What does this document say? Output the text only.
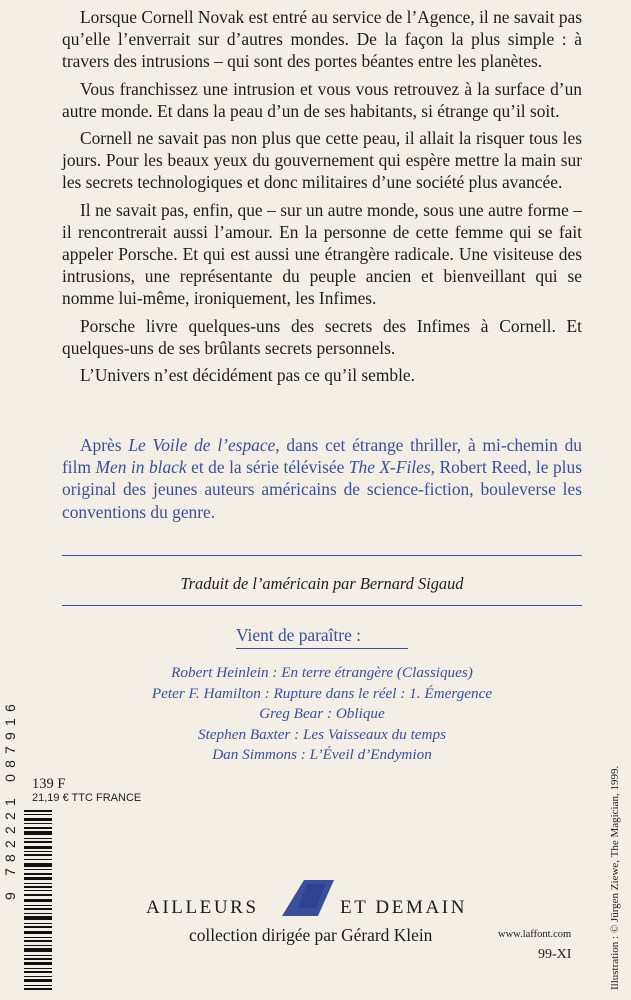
Lorsque Cornell Novak est entré au service de l’Agence, il ne savait pas qu’elle l’enverrait sur d’autres mondes. De la façon la plus simple : à travers des intrusions – qui sont des portes béantes entre les planètes.

Vous franchissez une intrusion et vous vous retrouvez à la surface d’un autre monde. Et dans la peau d’un de ses habitants, si étrange qu’il soit.

Cornell ne savait pas non plus que cette peau, il allait la risquer tous les jours. Pour les beaux yeux du gouvernement qui espère mettre la main sur les secrets technologiques et donc militaires d’une société plus avancée.

Il ne savait pas, enfin, que – sur un autre monde, sous une autre forme – il rencontrerait aussi l’amour. En la personne de cette femme qui se fait appeler Porsche. Et qui est aussi une étrangère radicale. Une visiteuse des intrusions, une représentante du peuple ancien et bienveillant qui se nomme lui-même, ironiquement, les Infimes.

Porsche livre quelques-uns des secrets des Infimes à Cornell. Et quelques-uns de ses brûlants secrets personnels.

L’Univers n’est décidément pas ce qu’il semble.

Après Le Voile de l’espace, dans cet étrange thriller, à mi-chemin du film Men in black et de la série télévisée The X-Files, Robert Reed, le plus original des jeunes auteurs américains de science-fiction, bouleverse les conventions du genre.
Traduit de l’américain par Bernard Sigaud
Vient de paraître :
Robert Heinlein : En terre étrangère (Classiques)
Peter F. Hamilton : Rupture dans le réel : 1. Émergence
Greg Bear : Oblique
Stephen Baxter : Les Vaisseaux du temps
Dan Simmons : L’Éveil d’Endymion
139 F
21,19 € TTC FRANCE
9 782221 087916
AILLEURS	ET DEMAIN
collection dirigée par Gérard Klein	www.laffont.com
99-XI	Illustration : © Jürgen Ziewe, The Magician, 1999.
